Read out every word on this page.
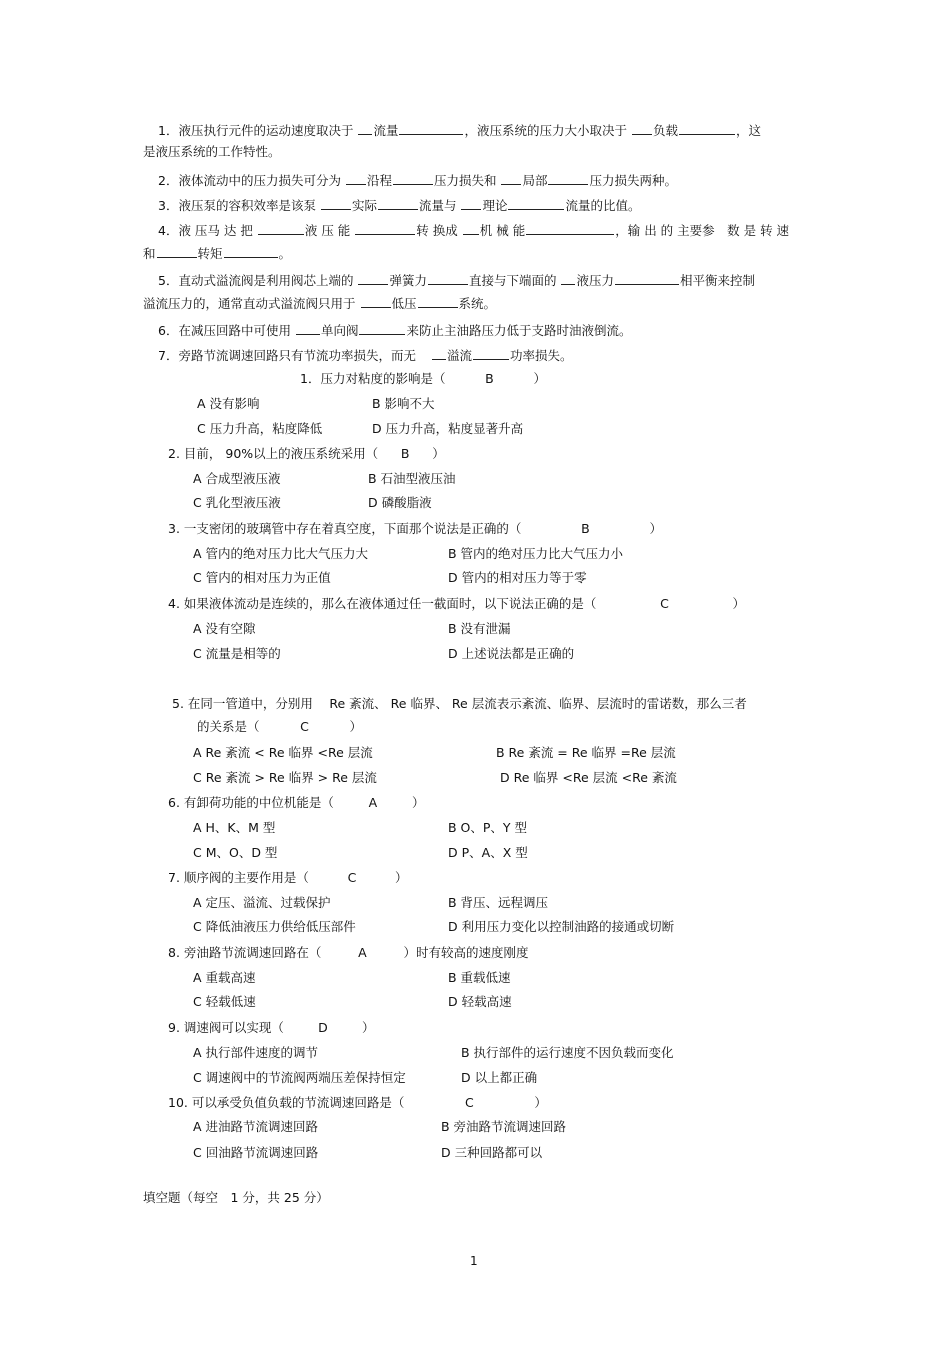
1．液压执行元件的运动速度取决于 流量	，液压系统的压力大小取决于 负载	，这
是液压系统的工作特性。
2．液体流动中的压力损失可分为 沿程	压力损失和 局部	压力损失两种。
3．液压泵的容积效率是该泵	实际	流量与 理论	流量的比值。
4．液 压马 达 把	液 压 能	转 换成 机 械 能	，输 出 的 主要参　数 是 转 速
和	转矩	。
5．直动式溢流阀是利用阀芯上端的	弹簧力	直接与下端面的 液压力	相平衡来控制
溢流压力的，通常直动式溢流阀只用于	低压	系统。
6．在减压回路中可使用 单向阀	来防止主油路压力低于支路时油液倒流。
7．旁路节流调速回路只有节流功率损失，而无 溢流	功率损失。
1．压力对粘度的影响是（	B	）
A 没有影响	B 影响不大
C 压力升高，粘度降低	D 压力升高，粘度显著升高
2. 目前， 90%以上的液压系统采用（ B ）
A 合成型液压液	B 石油型液压油
C 乳化型液压液	D 磷酸脂液
3. 一支密闭的玻璃管中存在着真空度，下面那个说法是正确的（	B	）
A 管内的绝对压力比大气压力大	B 管内的绝对压力比大气压力小
C 管内的相对压力为正值	D 管内的相对压力等于零
4. 如果液体流动是连续的，那么在液体通过任一截面时，以下说法正确的是（	C	）
A 没有空隙	B 没有泄漏
C 流量是相等的	D 上述说法都是正确的
5. 在同一管道中，分别用　 Re 紊流、 Re 临界、 Re 层流表示紊流、临界、层流时的雷诺数，那么三者
的关系是（	C	）
A Re 紊流 < Re 临界 <Re 层流	B Re 紊流 = Re 临界 =Re 层流
C Re 紊流 > Re 临界 > Re 层流	D Re 临界 <Re 层流 <Re 紊流
6. 有卸荷功能的中位机能是（	A	）
A H、K、M 型	B O、P、Y 型
C M、O、D 型	D P、A、X 型
7. 顺序阀的主要作用是（	C	）
A 定压、溢流、过载保护	B 背压、远程调压
C 降低油液压力供给低压部件	D 利用压力变化以控制油路的接通或切断
8. 旁油路节流调速回路在（	A	）时有较高的速度刚度
A 重载高速	B 重载低速
C 轻载低速	D 轻载高速
9. 调速阀可以实现（	D	）
A 执行部件速度的调节	B 执行部件的运行速度不因负载而变化
C 调速阀中的节流阀两端压差保持恒定	D 以上都正确
10. 可以承受负值负载的节流调速回路是（	C	）
A 进油路节流调速回路	B 旁油路节流调速回路
C 回油路节流调速回路	D 三种回路都可以
填空题（每空　1 分，共 25 分）
1
